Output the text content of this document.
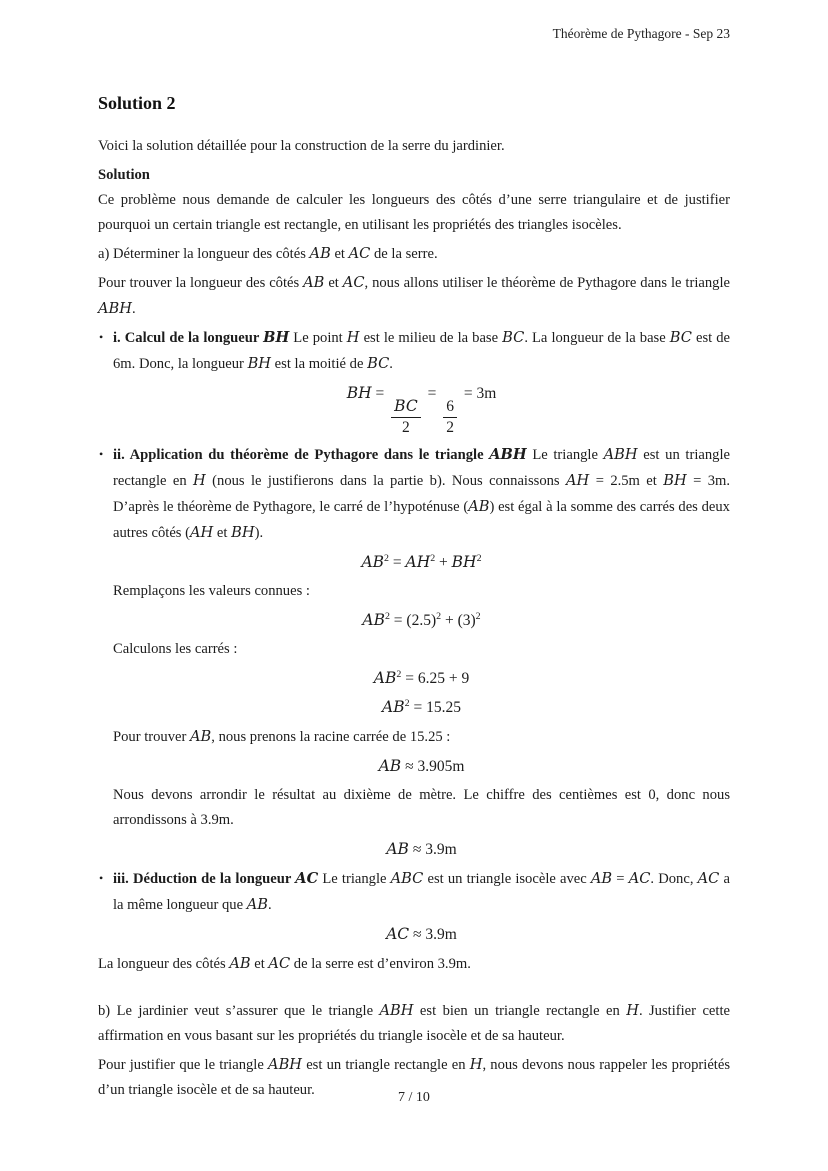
Théorème de Pythagore - Sep 23
Solution 2

Voici la solution détaillée pour la construction de la serre du jardinier.

Solution

Ce problème nous demande de calculer les longueurs des côtés d’une serre triangulaire et de justifier pourquoi un certain triangle est rectangle, en utilisant les propriétés des triangles isocèles.

a) Déterminer la longueur des côtés AB et AC de la serre.

Pour trouver la longueur des côtés AB et AC, nous allons utiliser le théorème de Pythagore dans le triangle ABH.

• i. Calcul de la longueur BH Le point H est le milieu de la base BC. La longueur de la base BC est de 6m. Donc, la longueur BH est la moitié de BC.

BH =
$\frac{BC}{2}$
=
$\frac{6}{2}$
= 3m

• ii. Application du théorème de Pythagore dans le triangle ABH Le triangle ABH est un triangle rectangle en H (nous le justifierons dans la partie b). Nous connaissons AH = 2.5m et BH = 3m. D’après le théorème de Pythagore, le carré de l’hypoténuse (AB) est égal à la somme des carrés des deux autres côtés (AH et BH).

$AB^2 = AH^2 + BH^2$

Remplaçons les valeurs connues :

$AB^2 = (2.5)^2 + (3)^2$

Calculons les carrés :

$AB^2 = 6.25 + 9$
$AB^2 = 15.25$

Pour trouver AB, nous prenons la racine carrée de 15.25 :

AB ≈ 3.905m

Nous devons arrondir le résultat au dixième de mètre. Le chiffre des centièmes est 0, donc nous arrondissons à 3.9m.

AB ≈ 3.9m

• iii. Déduction de la longueur AC Le triangle ABC est un triangle isocèle avec AB = AC. Donc, AC a la même longueur que AB.

AC ≈ 3.9m

La longueur des côtés AB et AC de la serre est d’environ 3.9m.

b) Le jardinier veut s’assurer que le triangle ABH est bien un triangle rectangle en H. Justifier cette affirmation en vous basant sur les propriétés du triangle isocèle et de sa hauteur.

Pour justifier que le triangle ABH est un triangle rectangle en H, nous devons nous rappeler les propriétés d’un triangle isocèle et de sa hauteur.	7 / 10
